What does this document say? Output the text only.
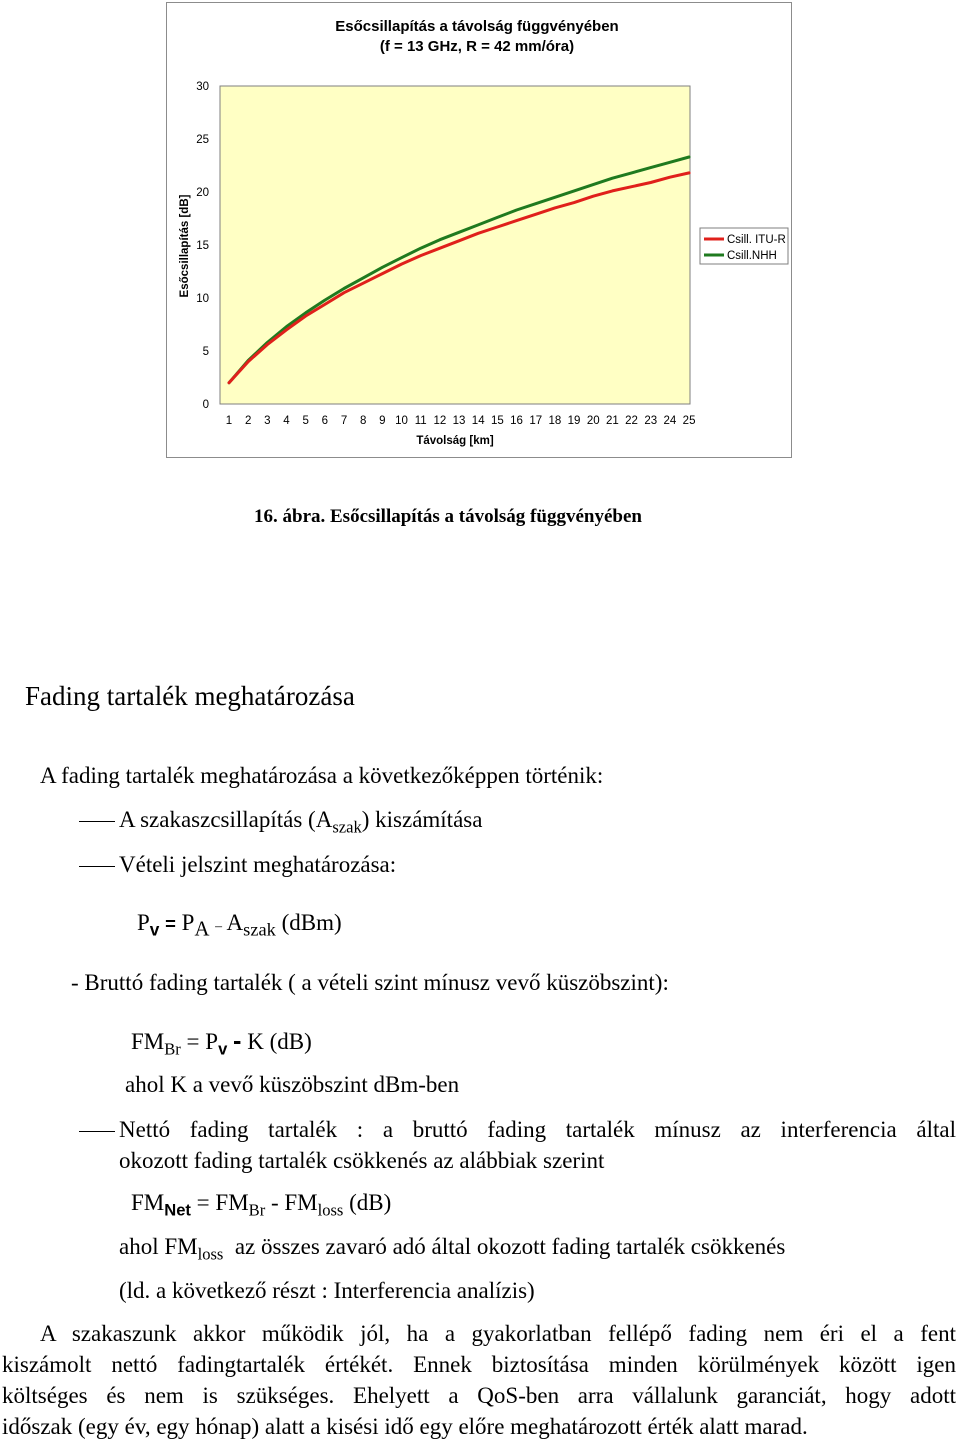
Esőcsillapítás a távolság függvényében
(f = 13 GHz, R = 42 mm/óra)
0
5
10
15
20
25
30
1 2 3 4 5 6 7 8 9 10 11 12 13 14 15 16 17 18 19 20 21 22 23 24 25
Esőcsillapítás [dB]
Távolság [km]
Csill. ITU-R
Csill.NHH
16. ábra. Esőcsillapítás a távolság függvényében
Fading tartalék meghatározása
A fading tartalék meghatározása a következőképpen történik:
A szakaszcsillapítás $(A_{szak})$ kiszámítása
Vételi jelszint meghatározása:
$P_v = P_A - A_{szak}$ (dBm)
- Bruttó fading tartalék ( a vételi szint mínusz vevő küszöbszint):
$FM_{Br} = P_v - K$ (dB)
ahol K a vevő küszöbszint dBm-ben
Nettó fading tartalék : a bruttó fading tartalék mínusz az interferencia által
okozott fading tartalék csökkenés az alábbiak szerint
$FM_{Net} = FM_{Br} - FM_{loss}$ (dB)
ahol $FM_{loss}$ az összes zavaró adó által okozott fading tartalék csökkenés
(ld. a következő részt : Interferencia analízis)
A szakaszunk akkor működik jól, ha a gyakorlatban fellépő fading nem éri el a fent
kiszámolt nettó fadingtartalék értékét. Ennek biztosítása minden körülmények között igen
költséges és nem is szükséges. Ehelyett a QoS-ben arra vállalunk garanciát, hogy adott
időszak (egy év, egy hónap) alatt a kisési idő egy előre meghatározott érték alatt marad.
